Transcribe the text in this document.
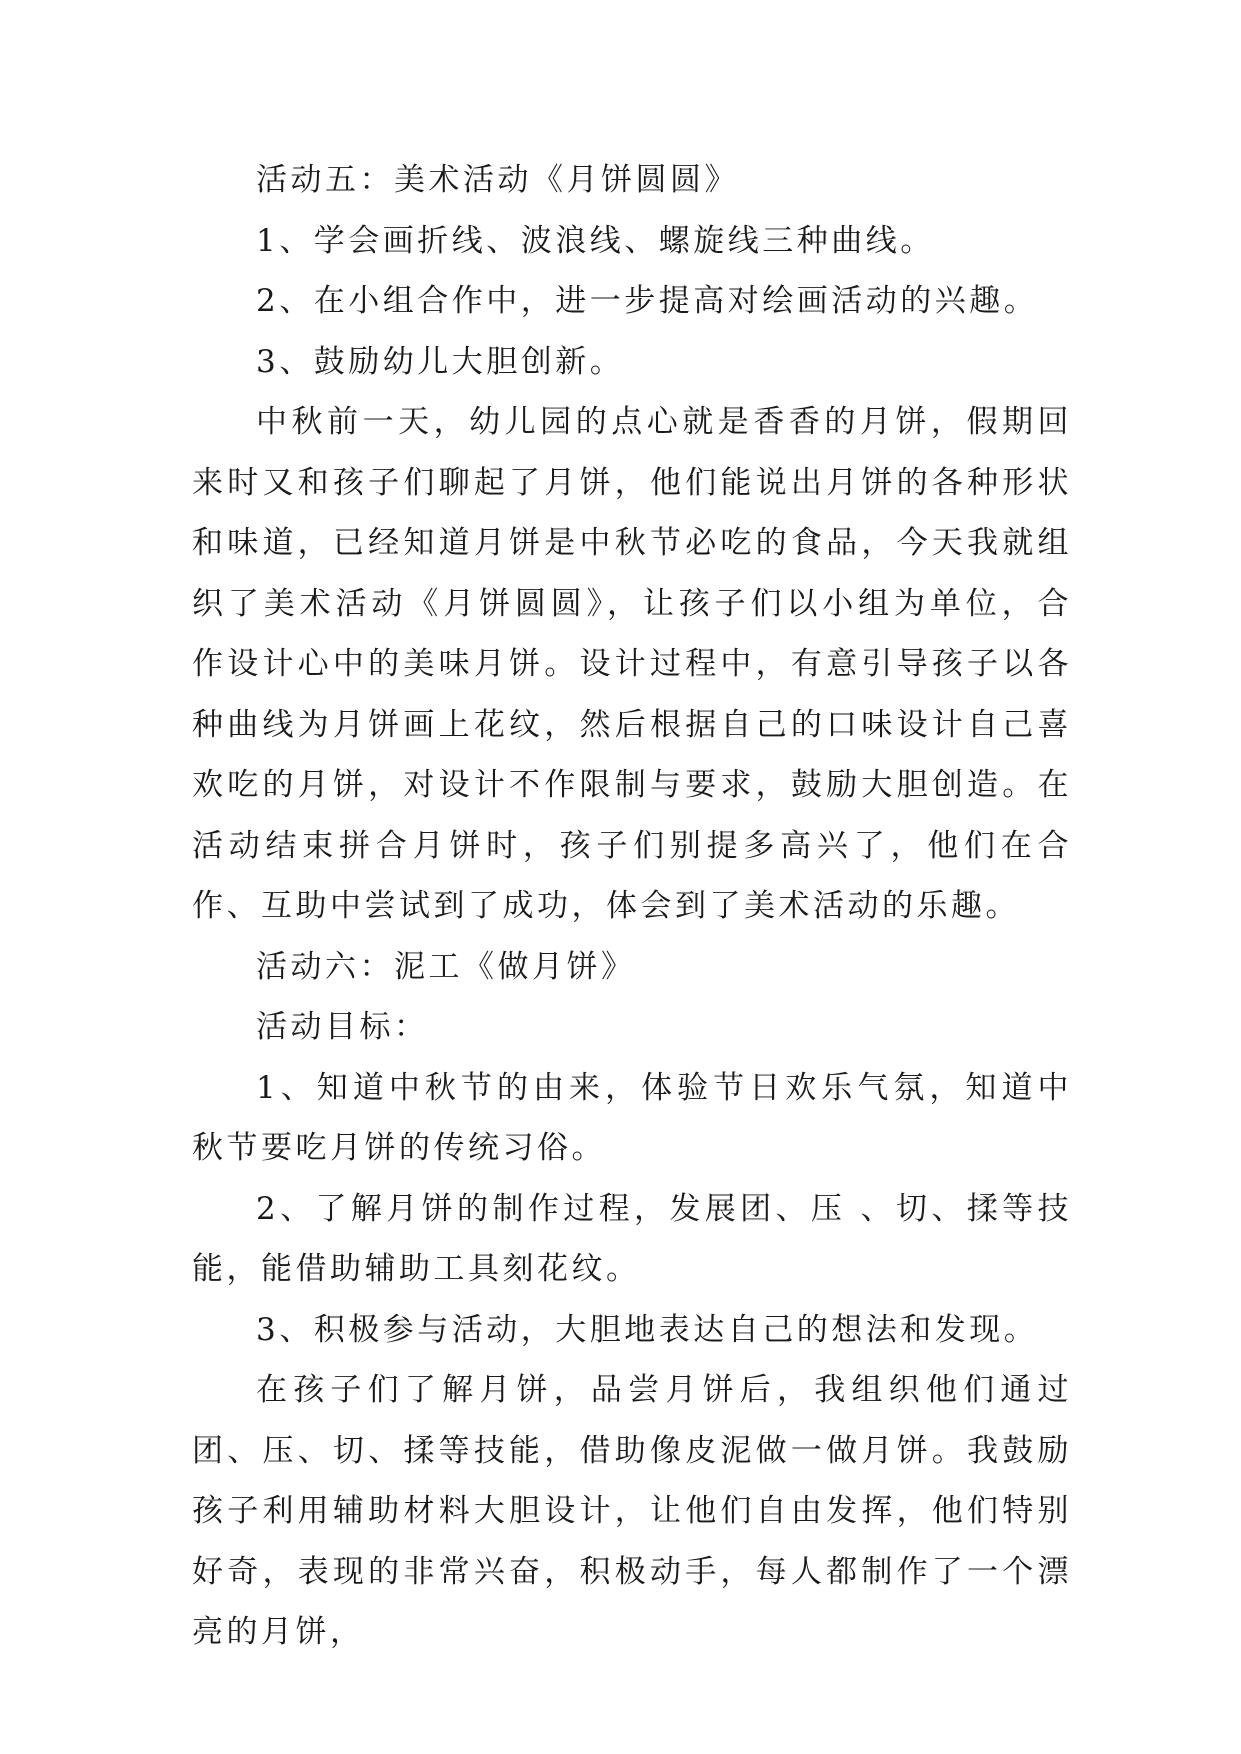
活动五：美术活动《月饼圆圆》

1、学会画折线、波浪线、螺旋线三种曲线。

2、在小组合作中，进一步提高对绘画活动的兴趣。

3、鼓励幼儿大胆创新。

中秋前一天，幼儿园的点心就是香香的月饼，假期回来时又和孩子们聊起了月饼，他们能说出月饼的各种形状和味道，已经知道月饼是中秋节必吃的食品，今天我就组织了美术活动《月饼圆圆》，让孩子们以小组为单位，合作设计心中的美味月饼。设计过程中，有意引导孩子以各种曲线为月饼画上花纹，然后根据自己的口味设计自己喜欢吃的月饼，对设计不作限制与要求，鼓励大胆创造。在活动结束拼合月饼时，孩子们别提多高兴了，他们在合作、互助中尝试到了成功，体会到了美术活动的乐趣。

活动六：泥工《做月饼》

活动目标：

1、知道中秋节的由来，体验节日欢乐气氛，知道中秋节要吃月饼的传统习俗。

2、了解月饼的制作过程，发展团、压 、切、揉等技能，能借助辅助工具刻花纹。

3、积极参与活动，大胆地表达自己的想法和发现。

在孩子们了解月饼，品尝月饼后，我组织他们通过团、压、切、揉等技能，借助像皮泥做一做月饼。我鼓励孩子利用辅助材料大胆设计，让他们自由发挥，他们特别好奇，表现的非常兴奋，积极动手，每人都制作了一个漂亮的月饼，
